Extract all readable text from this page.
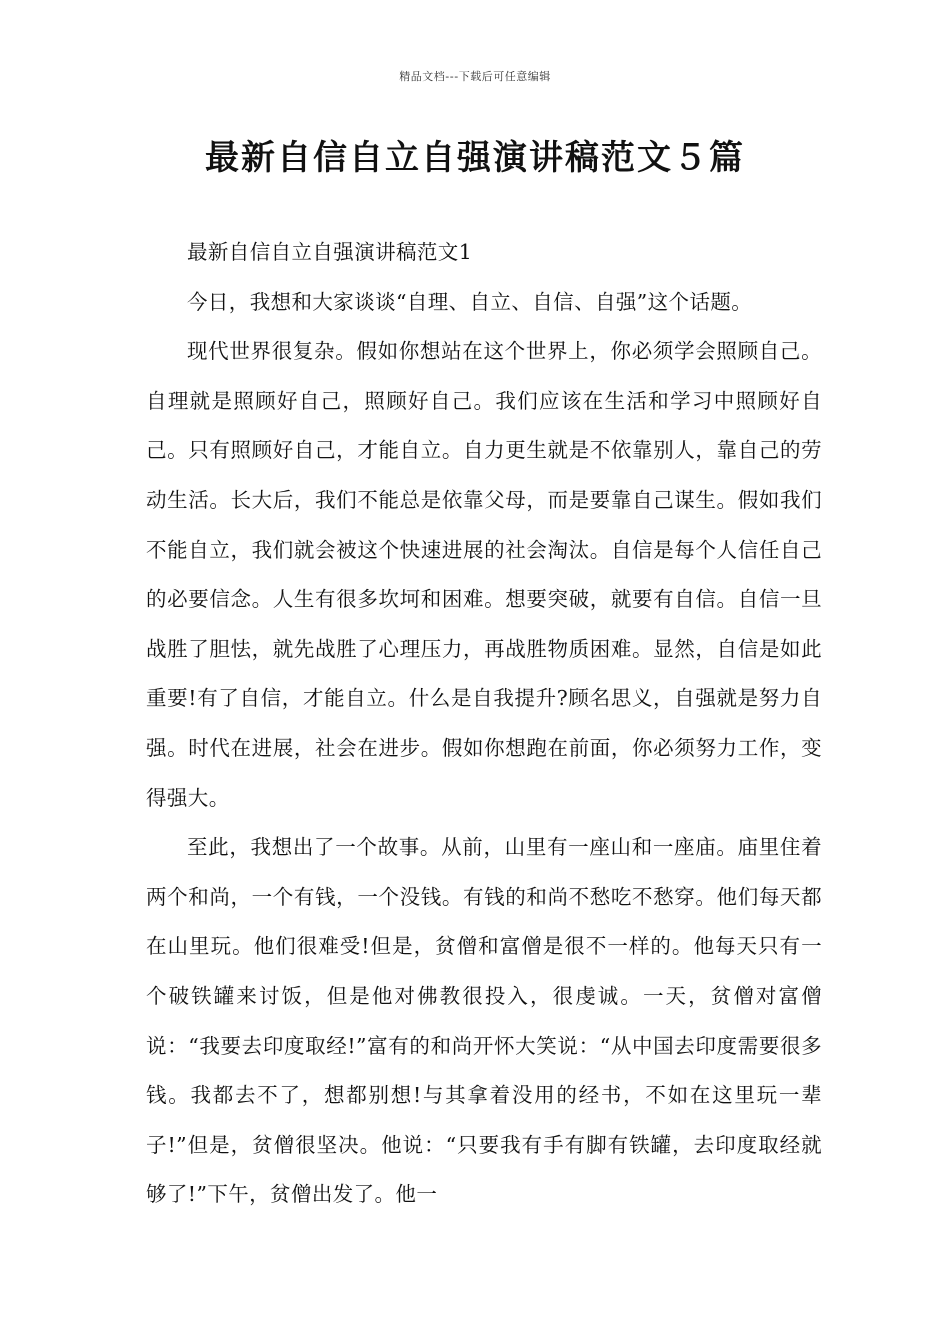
精品文档---下载后可任意编辑
最新自信自立自强演讲稿范文５篇

最新自信自立自强演讲稿范文1

今日，我想和大家谈谈“自理、自立、自信、自强”这个话题。

现代世界很复杂。假如你想站在这个世界上，你必须学会照顾自己。自理就是照顾好自己，照顾好自己。我们应该在生活和学习中照顾好自己。只有照顾好自己，才能自立。自力更生就是不依靠别人，靠自己的劳动生活。长大后，我们不能总是依靠父母，而是要靠自己谋生。假如我们不能自立，我们就会被这个快速进展的社会淘汰。自信是每个人信任自己的必要信念。人生有很多坎坷和困难。想要突破，就要有自信。自信一旦战胜了胆怯，就先战胜了心理压力，再战胜物质困难。显然，自信是如此重要!有了自信，才能自立。什么是自我提升?顾名思义，自强就是努力自强。时代在进展，社会在进步。假如你想跑在前面，你必须努力工作，变得强大。

至此，我想出了一个故事。从前，山里有一座山和一座庙。庙里住着两个和尚，一个有钱，一个没钱。有钱的和尚不愁吃不愁穿。他们每天都在山里玩。他们很难受!但是，贫僧和富僧是很不一样的。他每天只有一个破铁罐来讨饭，但是他对佛教很投入，很虔诚。一天，贫僧对富僧说：“我要去印度取经!”富有的和尚开怀大笑说：“从中国去印度需要很多钱。我都去不了，想都别想!与其拿着没用的经书，不如在这里玩一辈子!”但是，贫僧很坚决。他说：“只要我有手有脚有铁罐，去印度取经就够了!”下午，贫僧出发了。他一
